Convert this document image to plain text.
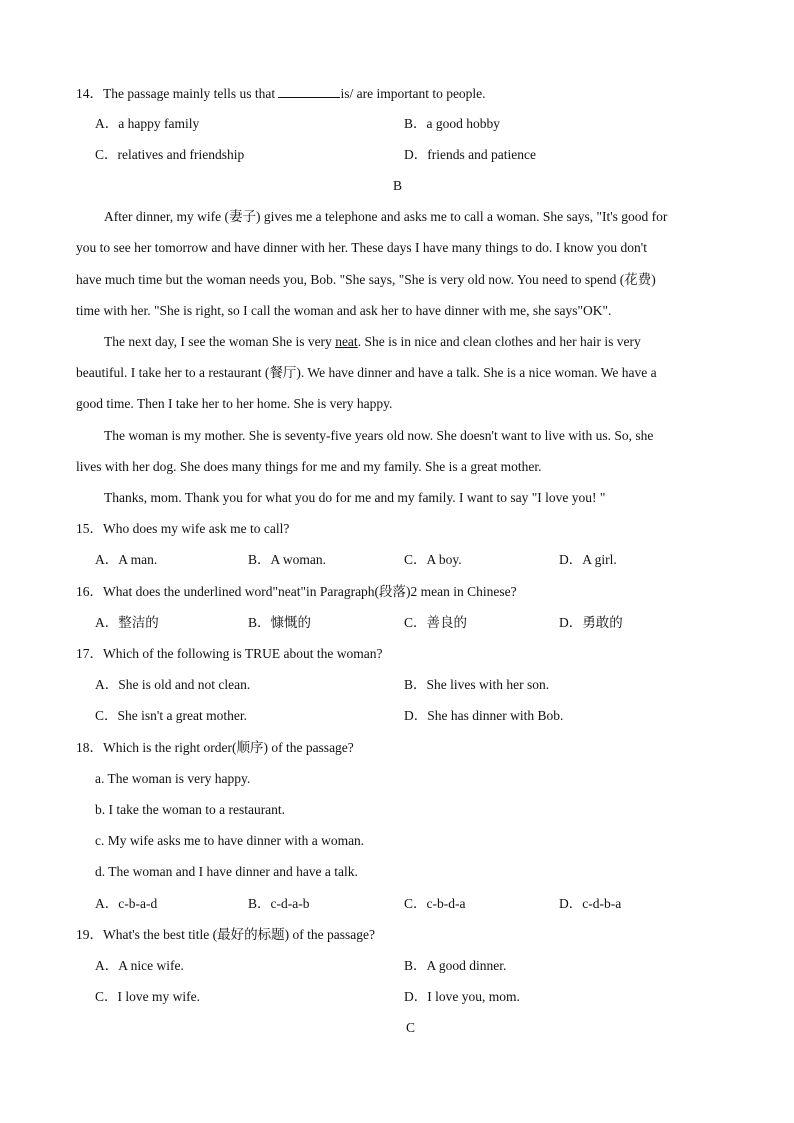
14．The passage mainly tells us that	is/ are important to people.
A．a happy family	B．a good hobby
C．relatives and friendship	D．friends and patience
B
After dinner, my wife (妻子) gives me a telephone and asks me to call a woman. She says, "It's good for
you to see her tomorrow and have dinner with her. These days I have many things to do. I know you don't
have much time but the woman needs you, Bob. "She says, "She is very old now. You need to spend (花费)
time with her. "She is right, so I call the woman and ask her to have dinner with me, she says"OK".
The next day, I see the woman She is very neat. She is in nice and clean clothes and her hair is very
beautiful. I take her to a restaurant (餐厅). We have dinner and have a talk. She is a nice woman. We have a
good time. Then I take her to her home. She is very happy.
The woman is my mother. She is seventy-five years old now. She doesn't want to live with us. So, she
lives with her dog. She does many things for me and my family. She is a great mother.
Thanks, mom. Thank you for what you do for me and my family. I want to say "I love you! "
15．Who does my wife ask me to call?
A．A man.	B．A woman.	C．A boy.	D．A girl.
16．What does the underlined word"neat"in Paragraph(段落)2 mean in Chinese?
A．整洁的	B．慷慨的	C．善良的	D．勇敢的
17．Which of the following is TRUE about the woman?
A．She is old and not clean.	B．She lives with her son.
C．She isn't a great mother.	D．She has dinner with Bob.
18．Which is the right order(顺序) of the passage?
a. The woman is very happy.
b. I take the woman to a restaurant.
c. My wife asks me to have dinner with a woman.
d. The woman and I have dinner and have a talk.
A．c-b-a-d	B．c-d-a-b	C．c-b-d-a	D．c-d-b-a
19．What's the best title (最好的标题) of the passage?
A．A nice wife.	B．A good dinner.
C．I love my wife.	D．I love you, mom.
C
